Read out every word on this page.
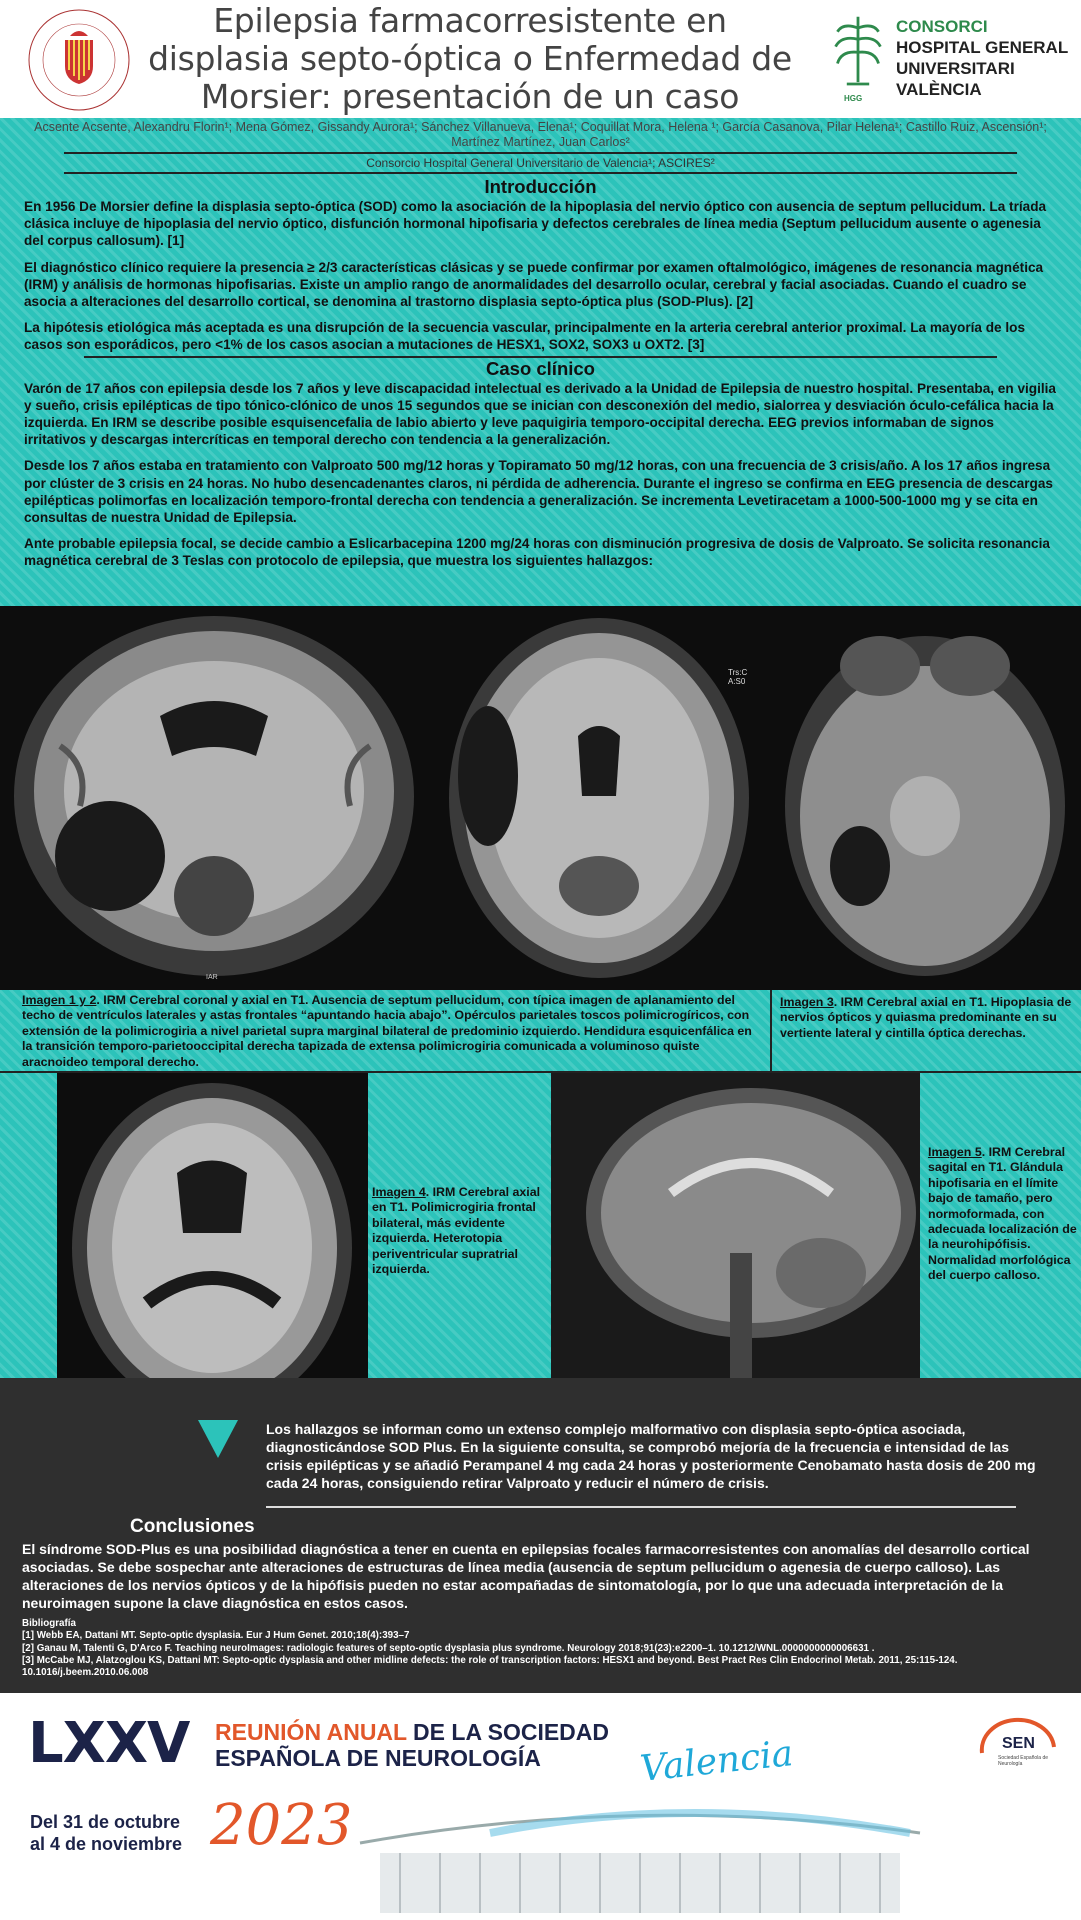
Epilepsia farmacorresistente en displasia septo-óptica o Enfermedad de Morsier: presentación de un caso	HGG
CONSORCI
HOSPITAL GENERAL
UNIVERSITARI
VALÈNCIA
Acsente Acsente, Alexandru Florin¹; Mena Gómez, Gissandy Aurora¹; Sánchez Villanueva, Elena¹; Coquillat Mora, Helena ¹; García Casanova, Pilar Helena¹; Castillo Ruiz, Ascensión¹; Martínez Martínez, Juan Carlos²
Consorcio Hospital General Universitario de Valencia¹; ASCIRES²
Introducción

En 1956 De Morsier define la displasia septo-óptica (SOD) como la asociación de la hipoplasia del nervio óptico con ausencia de septum pellucidum. La tríada clásica incluye de hipoplasia del nervio óptico, disfunción hormonal hipofisaria y defectos cerebrales de línea media (Septum pellucidum ausente o agenesia del corpus callosum). [1]

El diagnóstico clínico requiere la presencia ≥ 2/3 características clásicas y se puede confirmar por examen oftalmológico, imágenes de resonancia magnética (IRM) y análisis de hormonas hipofisarias. Existe un amplio rango de anormalidades del desarrollo ocular, cerebral y facial asociadas. Cuando el cuadro se asocia a alteraciones del desarrollo cortical, se denomina al trastorno displasia septo-óptica plus (SOD-Plus). [2]

La hipótesis etiológica más aceptada es una disrupción de la secuencia vascular, principalmente en la arteria cerebral anterior proximal. La mayoría de los casos son esporádicos, pero <1% de los casos asocian a mutaciones de HESX1, SOX2, SOX3 u OXT2. [3]

Caso clínico

Varón de 17 años con epilepsia desde los 7 años y leve discapacidad intelectual es derivado a la Unidad de Epilepsia de nuestro hospital. Presentaba, en vigilia y sueño, crisis epilépticas de tipo tónico-clónico de unos 15 segundos que se inician con desconexión del medio, sialorrea y desviación óculo-cefálica hacia la izquierda. En IRM se describe posible esquisencefalia de labio abierto y leve paquigiria temporo-occipital derecha. EEG previos informaban de signos irritativos y descargas intercríticas en temporal derecho con tendencia a la generalización.

Desde los 7 años estaba en tratamiento con Valproato 500 mg/12 horas y Topiramato 50 mg/12 horas, con una frecuencia de 3 crisis/año. A los 17 años ingresa por clúster de 3 crisis en 24 horas. No hubo desencadenantes claros, ni pérdida de adherencia. Durante el ingreso se confirma en EEG presencia de descargas epilépticas polimorfas en localización temporo-frontal derecha con tendencia a generalización. Se incrementa Levetiracetam a 1000-500-1000 mg y se cita en consultas de nuestra Unidad de Epilepsia.

Ante probable epilepsia focal, se decide cambio a Eslicarbacepina 1200 mg/24 horas con disminución progresiva de dosis de Valproato. Se solicita resonancia magnética cerebral de 3 Teslas con protocolo de epilepsia, que muestra los siguientes hallazgos:

IAR
Trs:C
A:S0
Imagen 1 y 2. IRM Cerebral coronal y axial en T1. Ausencia de septum pellucidum, con típica imagen de aplanamiento del techo de ventrículos laterales y astas frontales “apuntando hacia abajo”. Opérculos parietales toscos polimicrogíricos, con extensión de la polimicrogiria a nivel parietal supra marginal bilateral de predominio izquierdo. Hendidura esquicenfálica en la transición temporo-parietooccipital derecha tapizada de extensa polimicrogiria comunicada a voluminoso quiste aracnoideo temporal derecho.
Imagen 3. IRM Cerebral axial en T1. Hipoplasia de nervios ópticos y quiasma predominante en su vertiente lateral y cintilla óptica derechas.
Imagen 4. IRM Cerebral axial en T1. Polimicrogiria frontal bilateral, más evidente izquierda. Heterotopia periventricular supratrial izquierda.
Imagen 5. IRM Cerebral sagital en T1. Glándula hipofisaria en el límite bajo de tamaño, pero normoformada, con adecuada localización de la neurohipófisis. Normalidad morfológica del cuerpo calloso.
Los hallazgos se informan como un extenso complejo malformativo con displasia septo-óptica asociada, diagnosticándose SOD Plus. En la siguiente consulta, se comprobó mejoría de la frecuencia e intensidad de las crisis epilépticas y se añadió Perampanel 4 mg cada 24 horas y posteriormente Cenobamato hasta dosis de 200 mg cada 24 horas, consiguiendo retirar Valproato y reducir el número de crisis.
Conclusiones
El síndrome SOD-Plus es una posibilidad diagnóstica a tener en cuenta en epilepsias focales farmacorresistentes con anomalías del desarrollo cortical asociadas. Se debe sospechar ante alteraciones de estructuras de línea media (ausencia de septum pellucidum o agenesia de cuerpo calloso). Las alteraciones de los nervios ópticos y de la hipófisis pueden no estar acompañadas de sintomatología, por lo que una adecuada interpretación de la neuroimagen supone la clave diagnóstica en estos casos.
Bibliografía
[1] Webb EA, Dattani MT. Septo-optic dysplasia. Eur J Hum Genet. 2010;18(4):393–7
[2] Ganau M, Talenti G, D'Arco F. Teaching neuroImages: radiologic features of septo-optic dysplasia plus syndrome. Neurology 2018;91(23):e2200–1. 10.1212/WNL.0000000000006631 .
[3] McCabe MJ, Alatzoglou KS, Dattani MT: Septo-optic dysplasia and other midline defects: the role of transcription factors: HESX1 and beyond. Best Pract Res Clin Endocrinol Metab. 2011, 25:115-124. 10.1016/j.beem.2010.06.008
LXXV REUNIÓN ANUAL DE LA SOCIEDAD
ESPAÑOLA DE NEUROLOGÍA
Del 31 de octubre
al 4 de noviembre 2023
Valencia	SEN
Sociedad Española de Neurología
